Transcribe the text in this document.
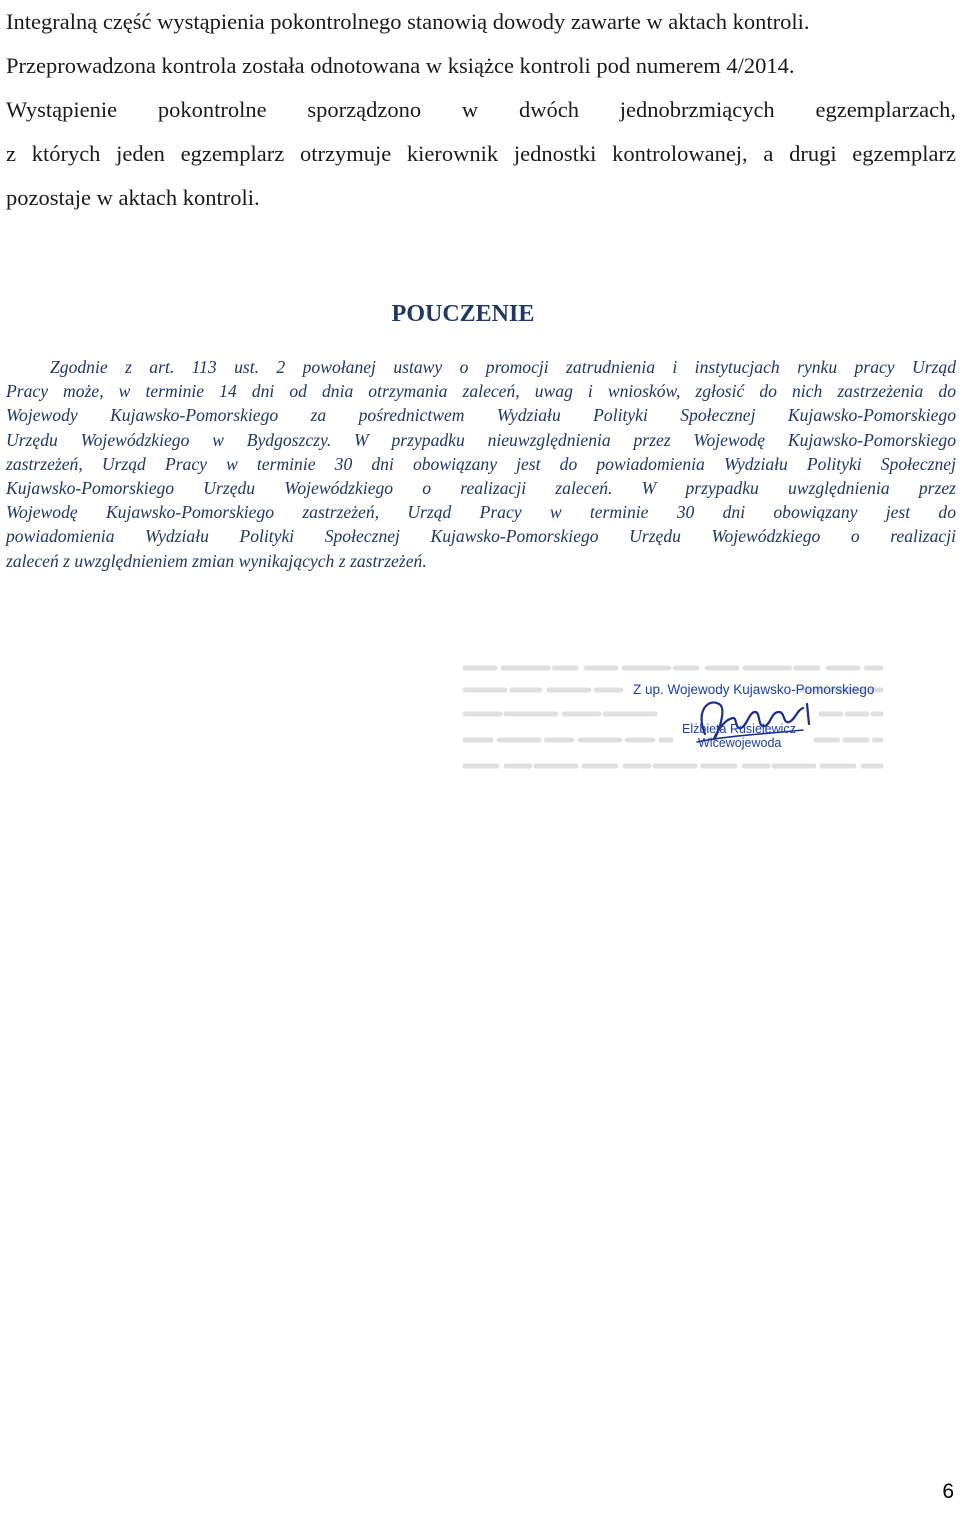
Integralną część wystąpienia pokontrolnego stanowią dowody zawarte w aktach kontroli.

Przeprowadzona kontrola została odnotowana w książce kontroli pod numerem 4/2014.

Wystąpienie pokontrolne sporządzono w dwóch jednobrzmiących egzemplarzach,

z których jeden egzemplarz otrzymuje kierownik jednostki kontrolowanej, a drugi egzemplarz

pozostaje w aktach kontroli.

POUCZENIE
Zgodnie z art. 113 ust. 2 powołanej ustawy o promocji zatrudnienia i instytucjach rynku pracy Urząd
Pracy może, w terminie 14 dni od dnia otrzymania zaleceń, uwag i wniosków, zgłosić do nich zastrzeżenia do
Wojewody Kujawsko-Pomorskiego za pośrednictwem Wydziału Polityki Społecznej Kujawsko-Pomorskiego
Urzędu Wojewódzkiego w Bydgoszczy. W przypadku nieuwzględnienia przez Wojewodę Kujawsko-Pomorskiego
zastrzeżeń, Urząd Pracy w terminie 30 dni obowiązany jest do powiadomienia Wydziału Polityki Społecznej
Kujawsko-Pomorskiego Urzędu Wojewódzkiego o realizacji zaleceń. W przypadku uwzględnienia przez
Wojewodę Kujawsko-Pomorskiego zastrzeżeń, Urząd Pracy w terminie 30 dni obowiązany jest do
powiadomienia Wydziału Polityki Społecznej Kujawsko-Pomorskiego Urzędu Wojewódzkiego o realizacji
zaleceń z uwzględnieniem zmian wynikających z zastrzeżeń.
Z up. Wojewody Kujawsko-Pomorskiego
Elżbieta Rusielewicz
Wicewojewoda
6
